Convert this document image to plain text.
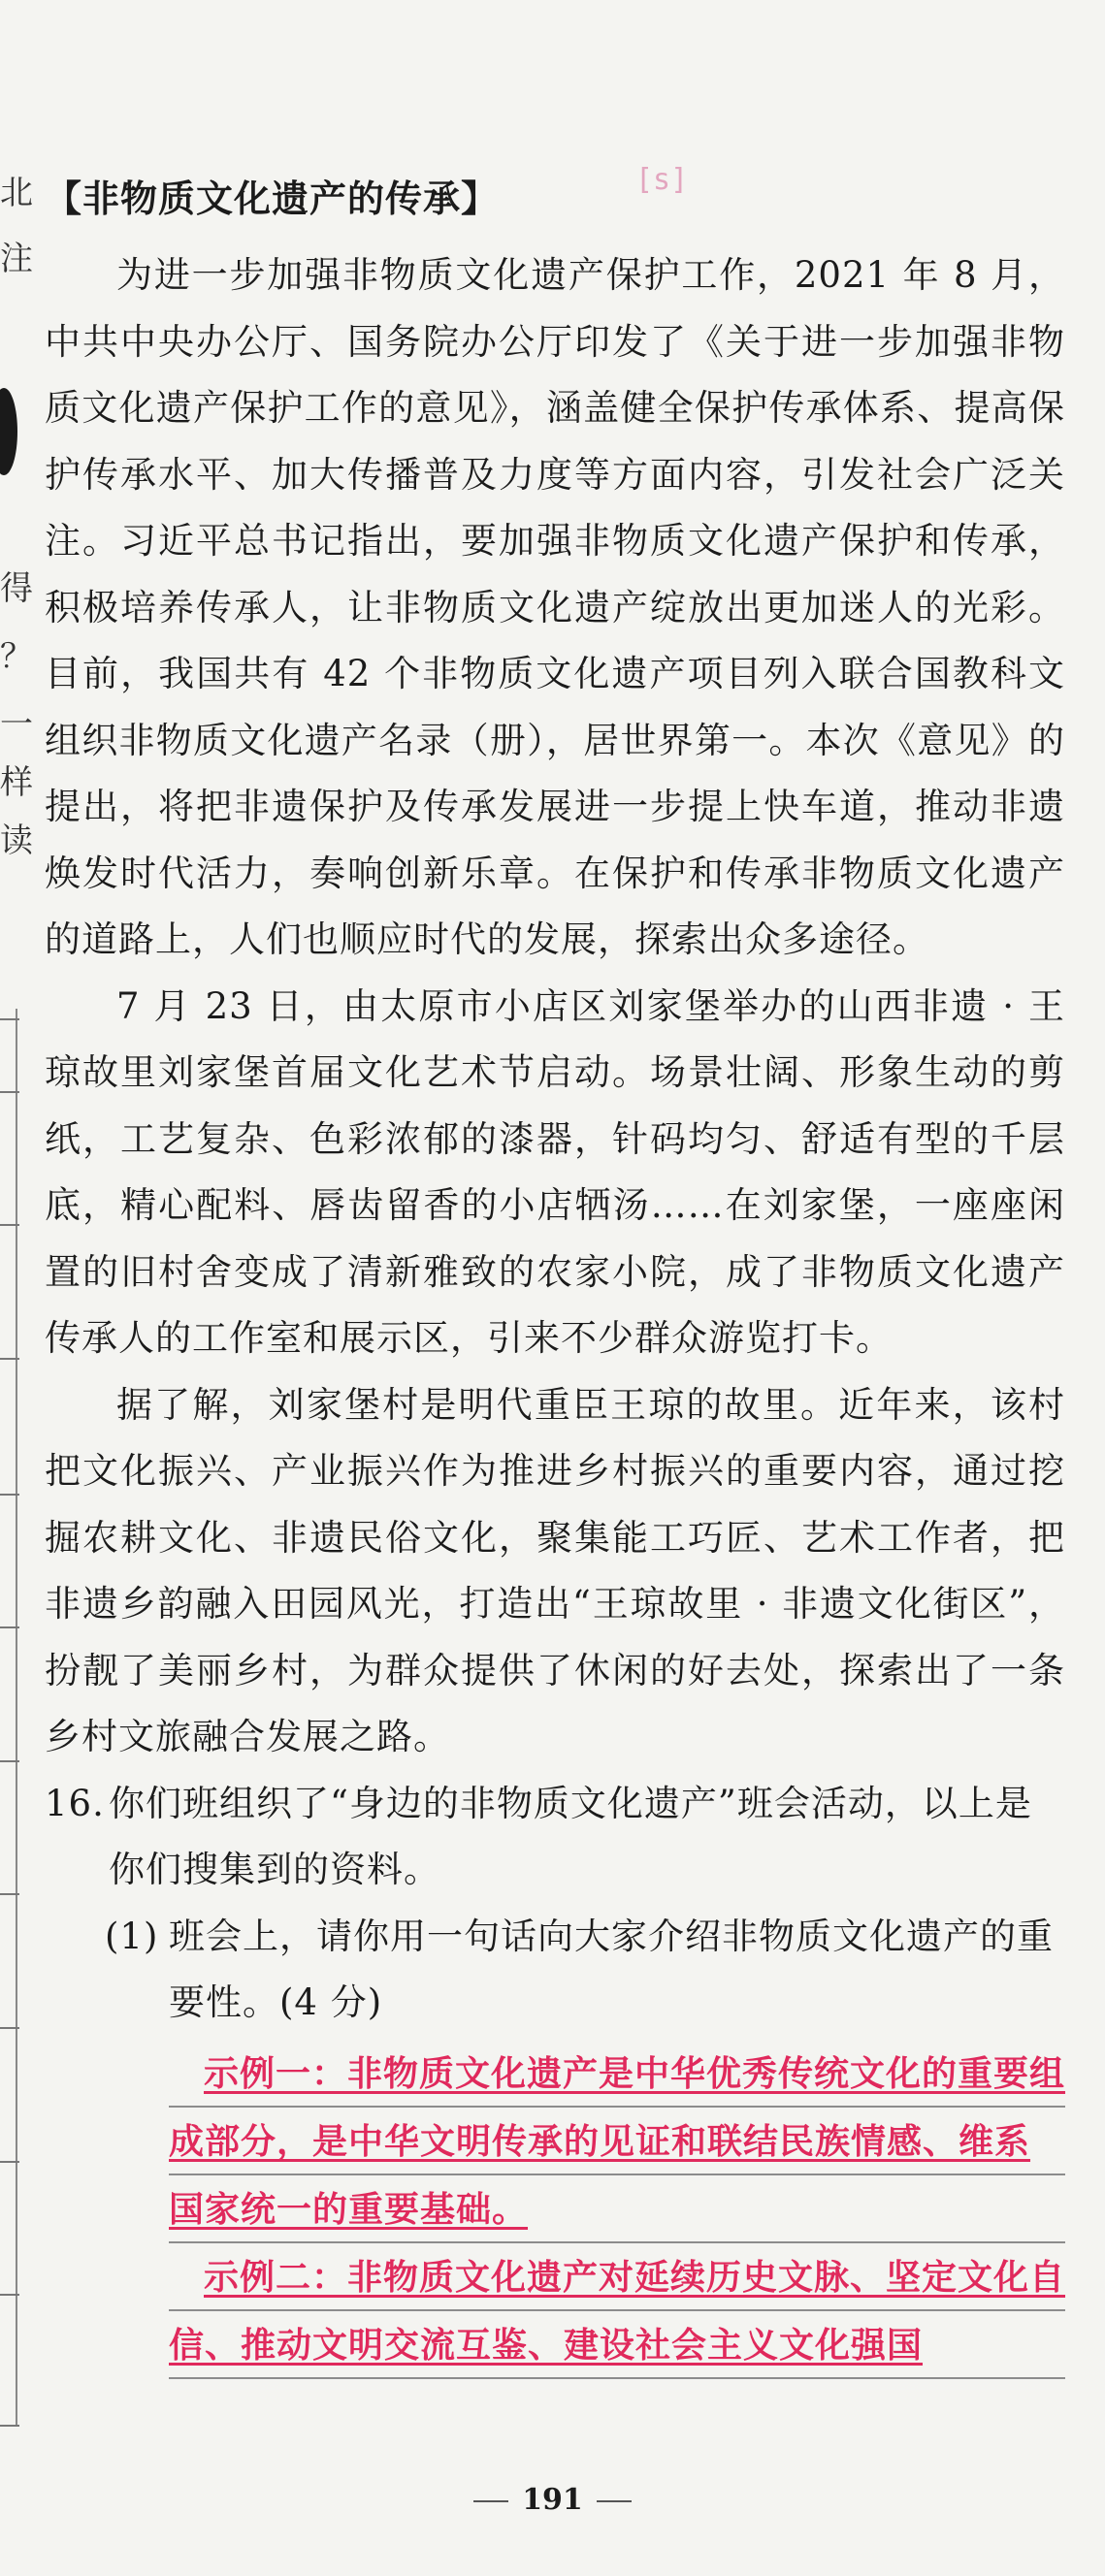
北
注
得
？
一
样
读
[s]
【非物质文化遗产的传承】

为进一步加强非物质文化遗产保护工作，2021 年 8 月，中共中央办公厅、国务院办公厅印发了《关于进一步加强非物质文化遗产保护工作的意见》，涵盖健全保护传承体系、提高保护传承水平、加大传播普及力度等方面内容，引发社会广泛关注。习近平总书记指出，要加强非物质文化遗产保护和传承，积极培养传承人，让非物质文化遗产绽放出更加迷人的光彩。目前，我国共有 42 个非物质文化遗产项目列入联合国教科文组织非物质文化遗产名录（册），居世界第一。本次《意见》的提出，将把非遗保护及传承发展进一步提上快车道，推动非遗焕发时代活力，奏响创新乐章。在保护和传承非物质文化遗产的道路上，人们也顺应时代的发展，探索出众多途径。

7 月 23 日，由太原市小店区刘家堡举办的山西非遗 · 王琼故里刘家堡首届文化艺术节启动。场景壮阔、形象生动的剪纸，工艺复杂、色彩浓郁的漆器，针码均匀、舒适有型的千层底，精心配料、唇齿留香的小店牺汤……在刘家堡，一座座闲置的旧村舍变成了清新雅致的农家小院，成了非物质文化遗产传承人的工作室和展示区，引来不少群众游览打卡。

据了解，刘家堡村是明代重臣王琼的故里。近年来，该村把文化振兴、产业振兴作为推进乡村振兴的重要内容，通过挖掘农耕文化、非遗民俗文化，聚集能工巧匠、艺术工作者，把非遗乡韵融入田园风光，打造出“王琼故里 · 非遗文化街区”，扮靓了美丽乡村，为群众提供了休闲的好去处，探索出了一条乡村文旅融合发展之路。

16. 你们班组织了“身边的非物质文化遗产”班会活动，以上是你们搜集到的资料。

(1) 班会上，请你用一句话向大家介绍非物质文化遗产的重要性。(4 分)

示例一：非物质文化遗产是中华优秀传统文化的重要组成部分，是中华文明传承的见证和联结民族情感、维系国家统一的重要基础。

示例二：非物质文化遗产对延续历史文脉、坚定文化自信、推动文明交流互鉴、建设社会主义文化强国

191
